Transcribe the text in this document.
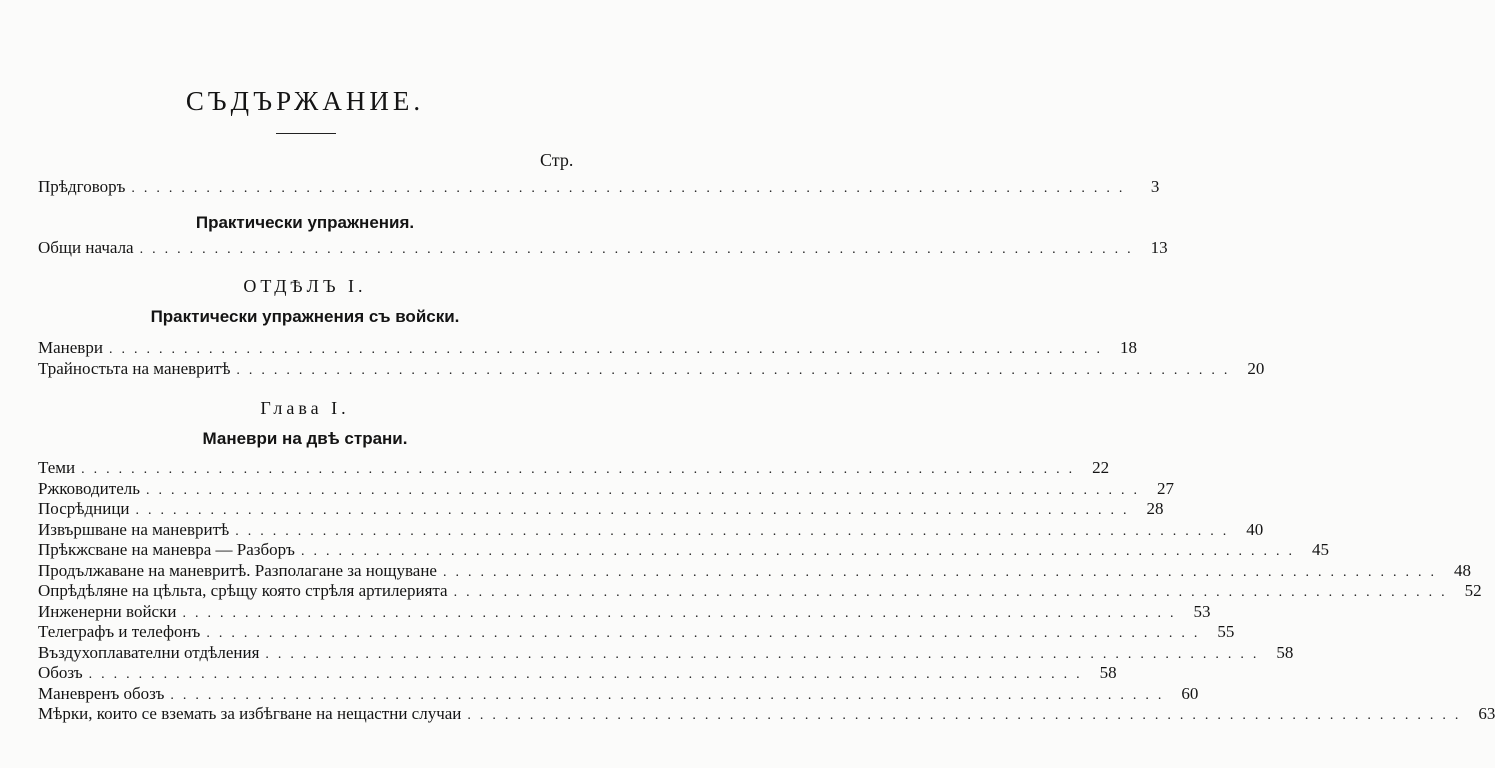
СЪДЪРЖАНИЕ.
Стр.
Прѣдговоръ ................................................................................	3
Практически упражнения.
Общи начала ................................................................................ 13
ОТДѢЛЪ I.
Практически упражнения съ войски.
Маневри ................................................................................ 18
Трайностьта на маневритѣ ................................................................................ 20
Глава I.
Маневри на двѣ страни.
Теми ................................................................................ 22
Ржководитель ................................................................................ 27
Посрѣдници ................................................................................ 28
Извършване на маневритѣ ................................................................................ 40
Прѣкжсване на маневра — Разборъ ................................................................................ 45
Продължаване на маневритѣ. Разполагане за нощуване ................................................................................ 48
Опрѣдѣляне на цѣльта, срѣщу която стрѣля артилерията ................................................................................ 52
Инженерни войски ................................................................................ 53
Телеграфъ и телефонъ ................................................................................ 55
Въздухоплавателни отдѣления ................................................................................ 58
Обозъ ................................................................................ 58
Маневренъ обозъ ................................................................................ 60
Мѣрки, които се вземать за избѣгване на нещастни случаи ................................................................................ 63
